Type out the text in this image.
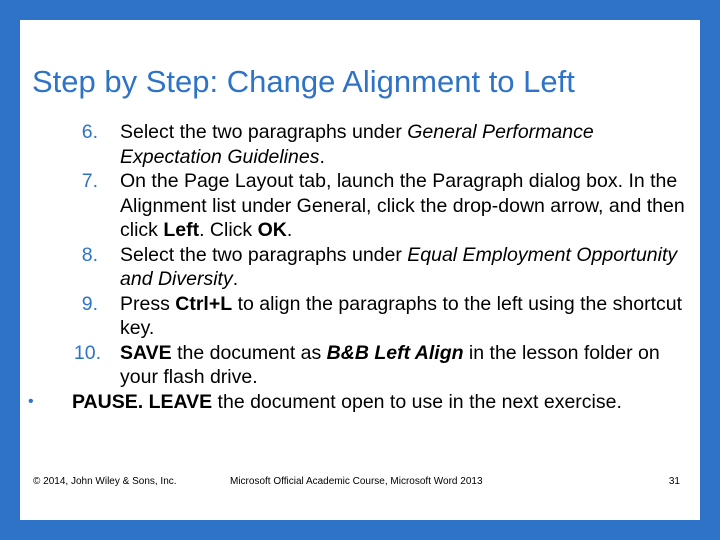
Step by Step: Change Alignment to Left
6. Select the two paragraphs under General Performance Expectation Guidelines.
7. On the Page Layout tab, launch the Paragraph dialog box. In the Alignment list under General, click the drop-down arrow, and then click Left. Click OK.
8. Select the two paragraphs under Equal Employment Opportunity and Diversity.
9. Press Ctrl+L to align the paragraphs to the left using the shortcut key.
10. SAVE the document as B&B Left Align in the lesson folder on your flash drive.
• PAUSE. LEAVE the document open to use in the next exercise.
© 2014, John Wiley & Sons, Inc.	Microsoft Official Academic Course, Microsoft Word 2013	31
